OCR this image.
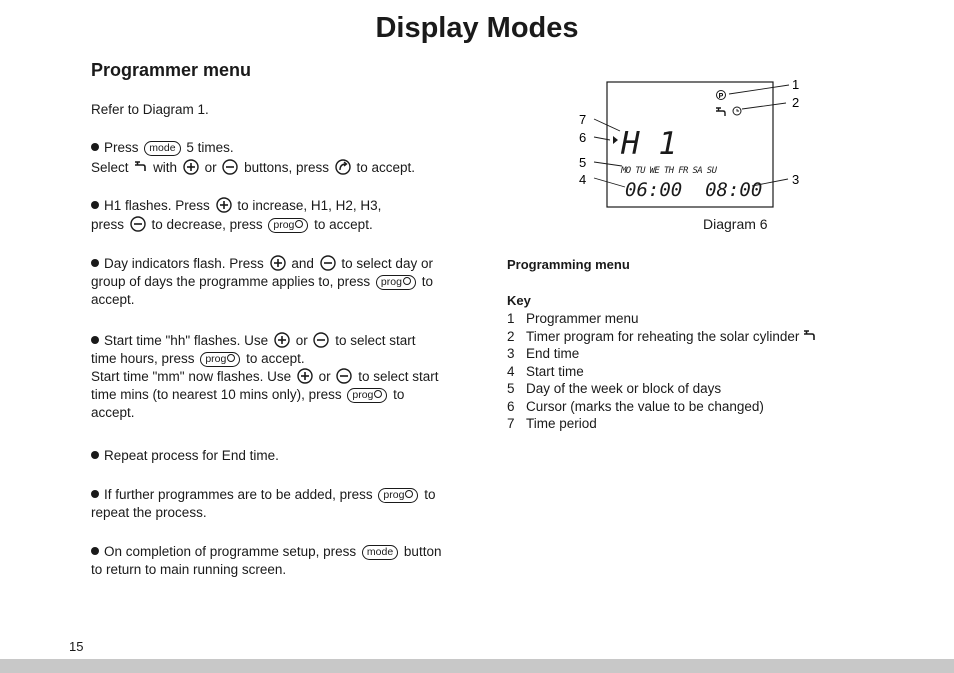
Display Modes
Programmer menu
Refer to Diagram 1.
Press mode 5 times.
Select with or buttons, press to accept.
H1 flashes. Press to increase, H1, H2, H3,
press to decrease, press prog to accept.
Day indicators flash. Press and to select day or
group of days the programme applies to, press prog to
accept.
Start time "hh" flashes. Use or to select start
time hours, press prog to accept.
Start time "mm" now flashes. Use or to select start
time mins (to nearest 10 mins only), press prog to
accept.
Repeat process for End time.
If further programmes are to be added, press prog to
repeat the process.
On completion of programme setup, press mode button
to return to main running screen.
P
H 1
MO TU WE TH FR SA SU
06:00  08:00
1
2
3
4
5
6
7
Diagram 6
Programming menu
Key
1 Programmer menu
2 Timer program for reheating the solar cylinder
3 End time
4 Start time
5 Day of the week or block of days
6 Cursor (marks the value to be changed)
7 Time period
15
